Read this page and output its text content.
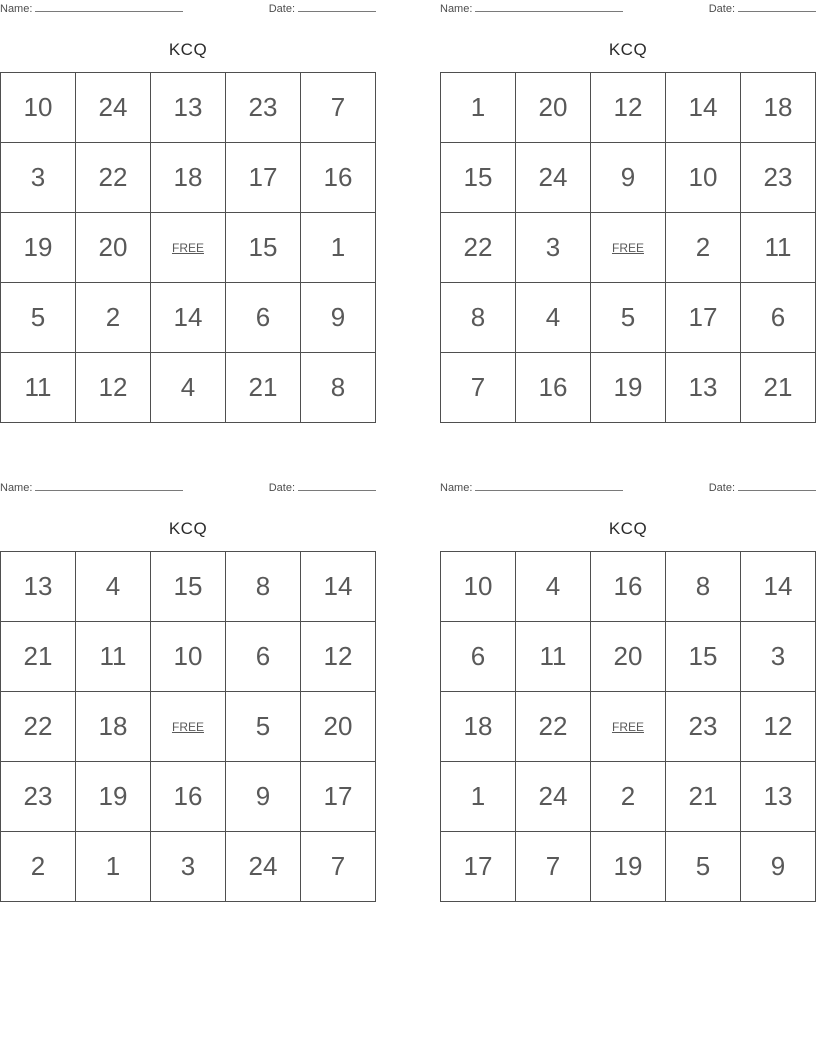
Name:	Date:
KCQ
10	24	13	23	7
3	22	18	17	16
19	20	FREE	15	1
5	2	14	6	9
11	12	4	21	8
Name:	Date:
KCQ
1	20	12	14	18
15	24	9	10	23
22	3	FREE	2	11
8	4	5	17	6
7	16	19	13	21
Name:	Date:
KCQ
13	4	15	8	14
21	11	10	6	12
22	18	FREE	5	20
23	19	16	9	17
2	1	3	24	7
Name:	Date:
KCQ
10	4	16	8	14
6	11	20	15	3
18	22	FREE	23	12
1	24	2	21	13
17	7	19	5	9
